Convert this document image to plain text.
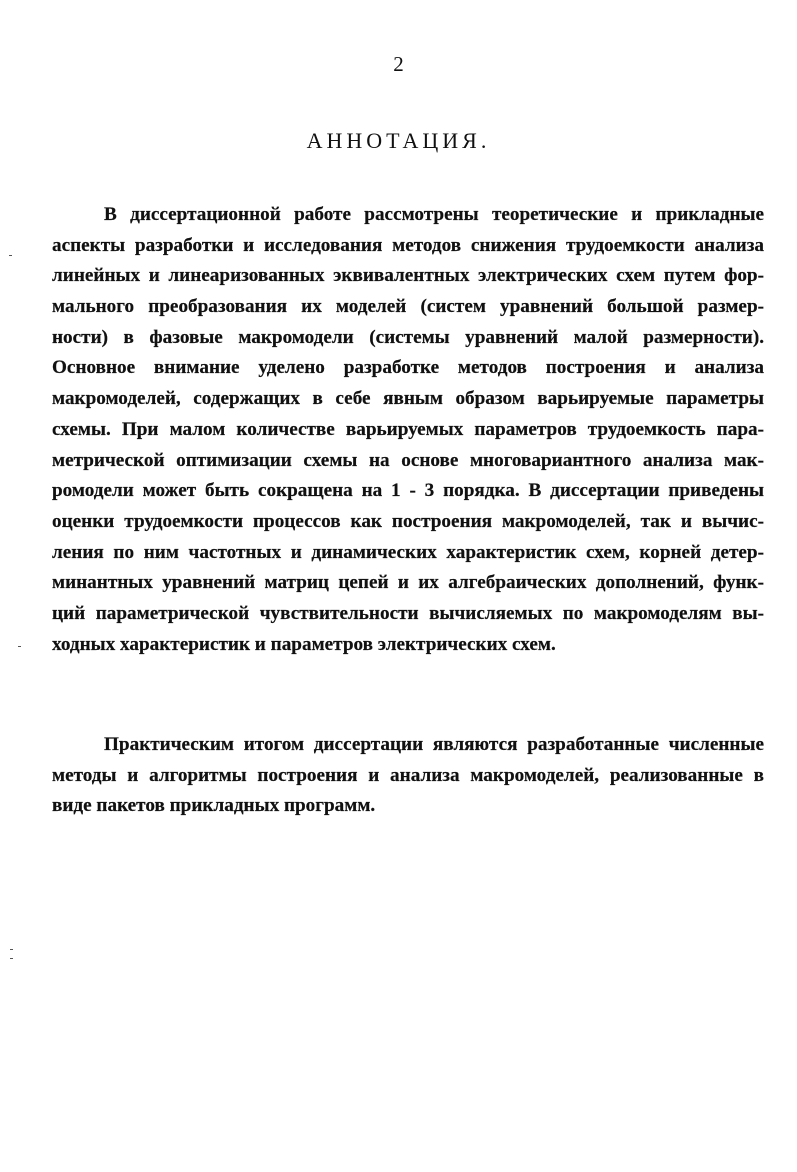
2
АННОТАЦИЯ.
В диссертационной работе рассмотрены теоретические и прикладные
аспекты разработки и исследования методов снижения трудоемкости анализа
линейных и линеаризованных эквивалентных электрических схем путем фор-
мального преобразования их моделей (систем уравнений большой размер-
ности) в фазовые макромодели (системы уравнений малой размерности).
Основное внимание уделено разработке методов построения и анализа
макромоделей, содержащих в себе явным образом варьируемые параметры
схемы. При малом количестве варьируемых параметров трудоемкость пара-
метрической оптимизации схемы на основе многовариантного анализа мак-
ромодели может быть сокращена на 1 - 3 порядка. В диссертации приведены
оценки трудоемкости процессов как построения макромоделей, так и вычис-
ления по ним частотных и динамических характеристик схем, корней детер-
минантных уравнений матриц цепей и их алгебраических дополнений, функ-
ций параметрической чувствительности вычисляемых по макромоделям вы-
ходных характеристик и параметров электрических схем.
Практическим итогом диссертации являются разработанные численные
методы и алгоритмы построения и анализа макромоделей, реализованные в
виде пакетов прикладных программ.
